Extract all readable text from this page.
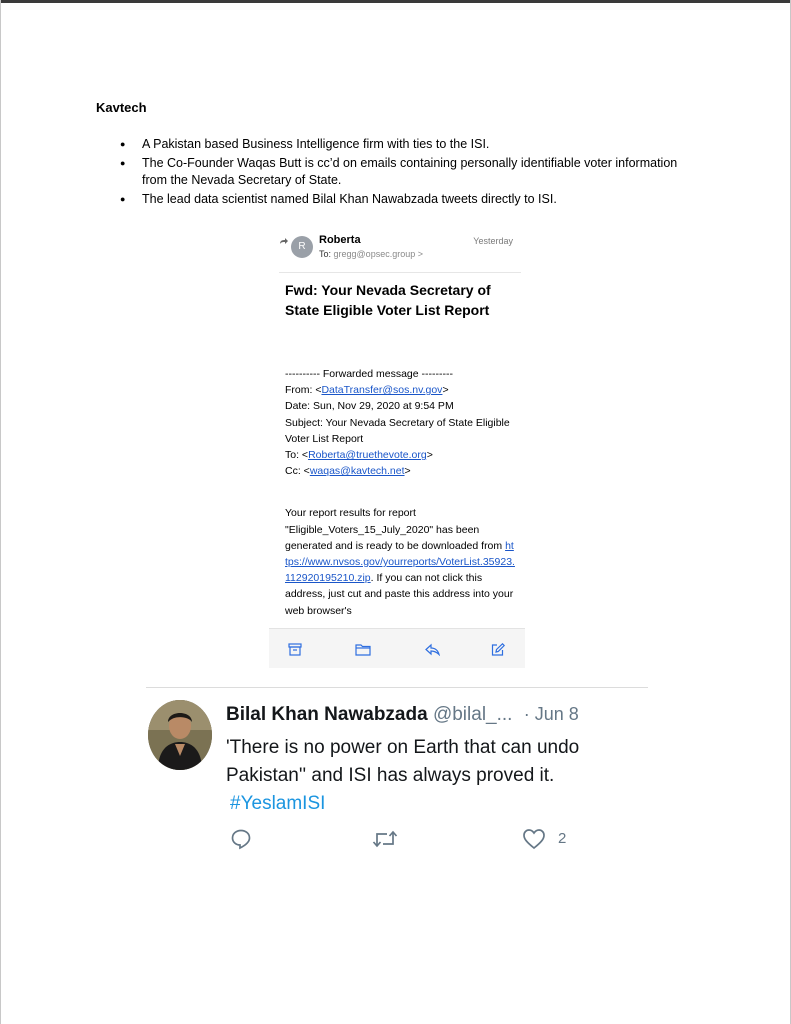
Kavtech
● A Pakistan based Business Intelligence firm with ties to the ISI.
● The Co-Founder Waqas Butt is cc’d on emails containing personally identifiable voter information from the Nevada Secretary of State.
● The lead data scientist named Bilal Khan Nawabzada tweets directly to ISI.
R
Roberta
To: gregg@opsec.group >
Yesterday
Fwd: Your Nevada Secretary of State Eligible Voter List Report
---------- Forwarded message ---------
From: <DataTransfer@sos.nv.gov>
Date: Sun, Nov 29, 2020 at 9:54 PM
Subject: Your Nevada Secretary of State Eligible Voter List Report
To: <Roberta@truethevote.org>
Cc: <waqas@kavtech.net>
Your report results for report "Eligible_Voters_15_July_2020" has been generated and is ready to be downloaded from https://www.nvsos.gov/yourreports/VoterList.35923.112920195210.zip. If you can not click this address, just cut and paste this address into your web browser's
Bilal Khan Nawabzada @bilal_... · Jun 8
'There is no power on Earth that can undo Pakistan'' and ISI has always proved it.
#YeslamISI
2
